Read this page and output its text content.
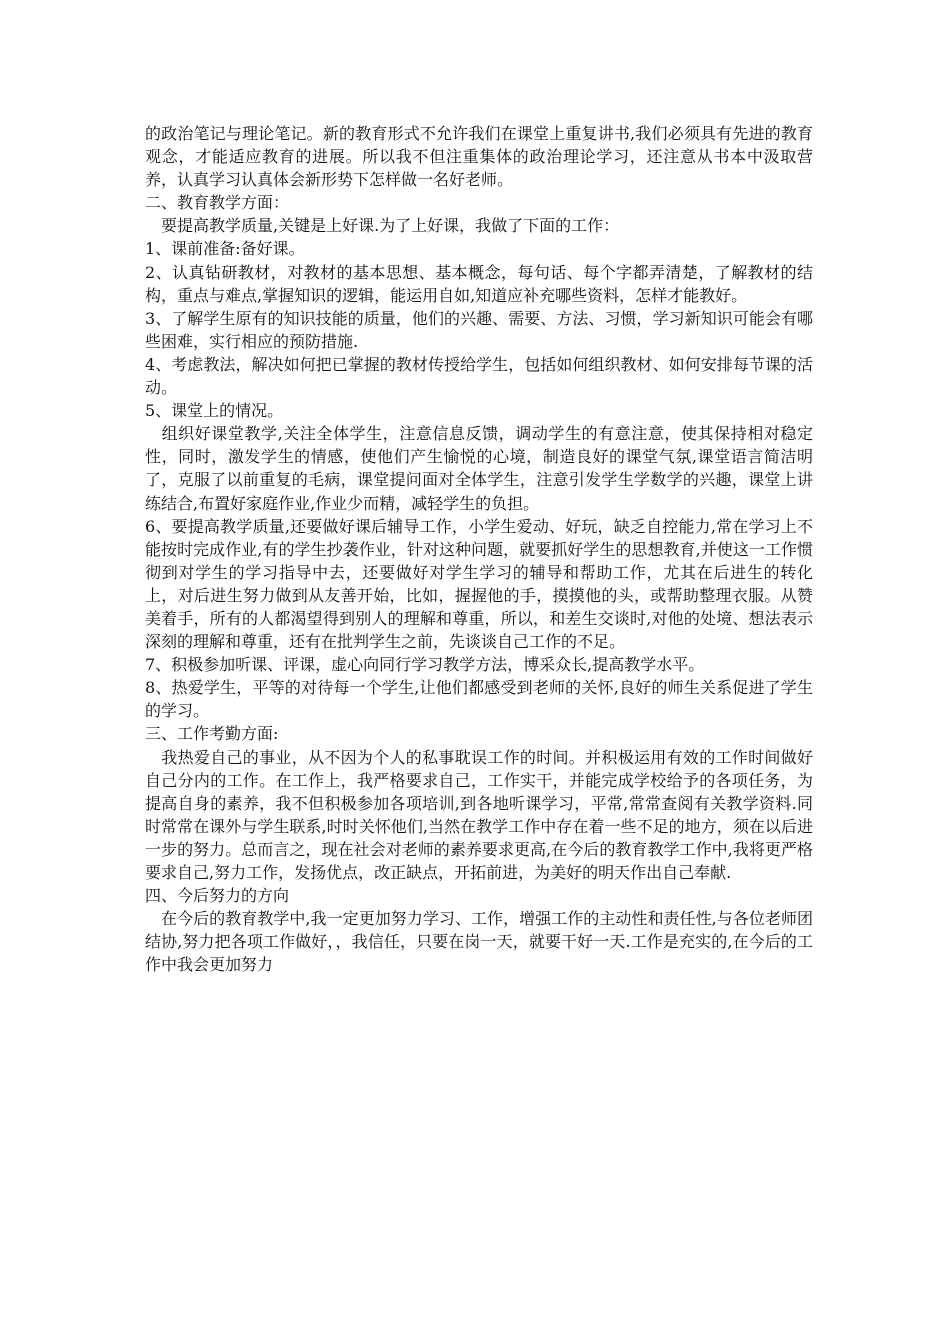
的政治笔记与理论笔记。新的教育形式不允许我们在课堂上重复讲书,我们必须具有先进的教育观念，才能适应教育的进展。所以我不但注重集体的政治理论学习，还注意从书本中汲取营养，认真学习认真体会新形势下怎样做一名好老师。

二、教育教学方面：

　要提高教学质量,关键是上好课.为了上好课，我做了下面的工作：

1、课前准备:备好课。

2、认真钻研教材，对教材的基本思想、基本概念，每句话、每个字都弄清楚，了解教材的结构，重点与难点,掌握知识的逻辑，能运用自如,知道应补充哪些资料，怎样才能教好。

3、了解学生原有的知识技能的质量，他们的兴趣、需要、方法、习惯，学习新知识可能会有哪些困难，实行相应的预防措施.

4、考虑教法，解决如何把已掌握的教材传授给学生，包括如何组织教材、如何安排每节课的活动。

5、课堂上的情况。

　组织好课堂教学,关注全体学生，注意信息反馈，调动学生的有意注意，使其保持相对稳定性，同时，激发学生的情感，使他们产生愉悦的心境，制造良好的课堂气氛,课堂语言简洁明了，克服了以前重复的毛病，课堂提问面对全体学生，注意引发学生学数学的兴趣，课堂上讲练结合,布置好家庭作业,作业少而精，减轻学生的负担。

6、要提高教学质量,还要做好课后辅导工作，小学生爱动、好玩，缺乏自控能力,常在学习上不能按时完成作业,有的学生抄袭作业，针对这种问题，就要抓好学生的思想教育,并使这一工作惯彻到对学生的学习指导中去，还要做好对学生学习的辅导和帮助工作，尤其在后进生的转化上，对后进生努力做到从友善开始，比如，握握他的手，摸摸他的头，或帮助整理衣服。从赞美着手，所有的人都渴望得到别人的理解和尊重，所以，和差生交谈时,对他的处境、想法表示深刻的理解和尊重，还有在批判学生之前，先谈谈自己工作的不足。

7、积极参加听课、评课，虚心向同行学习教学方法，博采众长,提高教学水平。

8、热爱学生，平等的对待每一个学生,让他们都感受到老师的关怀,良好的师生关系促进了学生的学习。

三、工作考勤方面:

　我热爱自己的事业，从不因为个人的私事耽误工作的时间。并积极运用有效的工作时间做好自己分内的工作。在工作上，我严格要求自己，工作实干，并能完成学校给予的各项任务，为提高自身的素养，我不但积极参加各项培训,到各地听课学习，平常,常常查阅有关教学资料.同时常常在课外与学生联系,时时关怀他们,当然在教学工作中存在着一些不足的地方，须在以后进一步的努力。总而言之，现在社会对老师的素养要求更高,在今后的教育教学工作中,我将更严格要求自己,努力工作，发扬优点，改正缺点，开拓前进，为美好的明天作出自己奉献.

四、今后努力的方向

　在今后的教育教学中,我一定更加努力学习、工作，增强工作的主动性和责任性,与各位老师团结协,努力把各项工作做好，，我信任，只要在岗一天，就要干好一天.工作是充实的,在今后的工作中我会更加努力
